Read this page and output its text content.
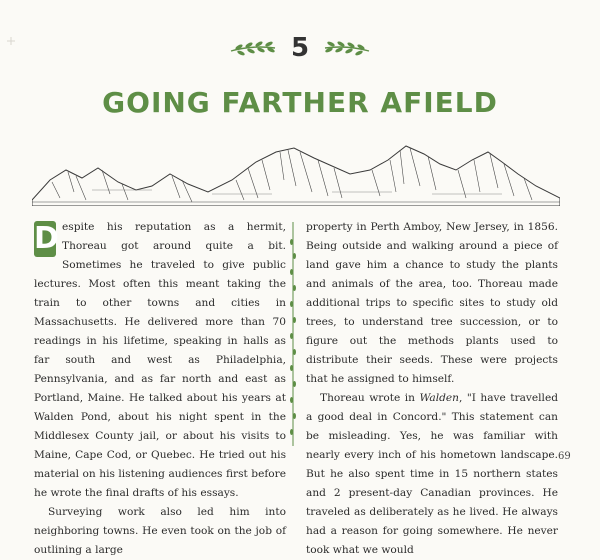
5
GOING FARTHER AFIELD

D espite his reputation as a hermit, Thoreau got around quite a bit. Sometimes he traveled to give public lectures. Most often this meant taking the train to other towns and cities in Massachusetts. He delivered more than 70 readings in his lifetime, speaking in halls as far south and west as Philadelphia, Pennsylvania, and as far north and east as Portland, Maine. He talked about his years at Walden Pond, about his night spent in the Middlesex County jail, or about his visits to Maine, Cape Cod, or Quebec. He tried out his material on his listening audiences first before he wrote the final drafts of his essays.

Surveying work also led him into neighboring towns. He even took on the job of outlining a large

property in Perth Amboy, New Jersey, in 1856. Being outside and walking around a piece of land gave him a chance to study the plants and animals of the area, too. Thoreau made additional trips to specific sites to study old trees, to understand tree succession, or to figure out the methods plants used to distribute their seeds. These were projects that he assigned to himself.

Thoreau wrote in Walden, "I have travelled a good deal in Concord." This statement can be misleading. Yes, he was familiar with nearly every inch of his hometown landscape. But he also spent time in 15 northern states and 2 present-day Canadian provinces. He traveled as deliberately as he lived. He always had a reason for going somewhere. He never took what we would

69
